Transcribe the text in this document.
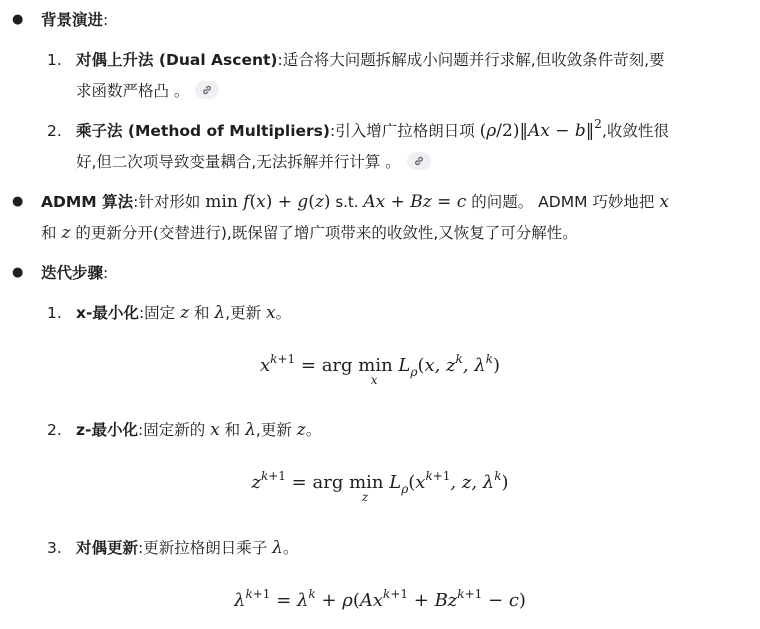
● 背景演进:
1. 对偶上升法 (Dual Ascent):适合将大问题拆解成小问题并行求解,但收敛条件苛刻,要
求函数严格凸 。
2. 乘子法 (Method of Multipliers):引入增广拉格朗日项 (ρ/2)‖Ax − b‖$^2$,收敛性很
好,但二次项导致变量耦合,无法拆解并行计算 。
● ADMM 算法:针对形如 min f(x) + g(z) s.t. Ax + Bz = c 的问题。 ADMM 巧妙地把 x
和 z 的更新分开(交替进行),既保留了增广项带来的收敛性,又恢复了可分解性。
● 迭代步骤:
1. x-最小化:固定 z 和 λ,更新 x。
$x^{k+1}$ = arg min
x
$L_\rho(x$, $z^k$, $\lambda^k$)
2. z-最小化:固定新的 x 和 λ,更新 z。
$z^{k+1}$ = arg min
z
$L_\rho(x^{k+1}$, z, $\lambda^k$)
3. 对偶更新:更新拉格朗日乘子 λ。
$\lambda^{k+1} = \lambda^k + \rho(Ax^{k+1} + Bz^{k+1} - c)$
